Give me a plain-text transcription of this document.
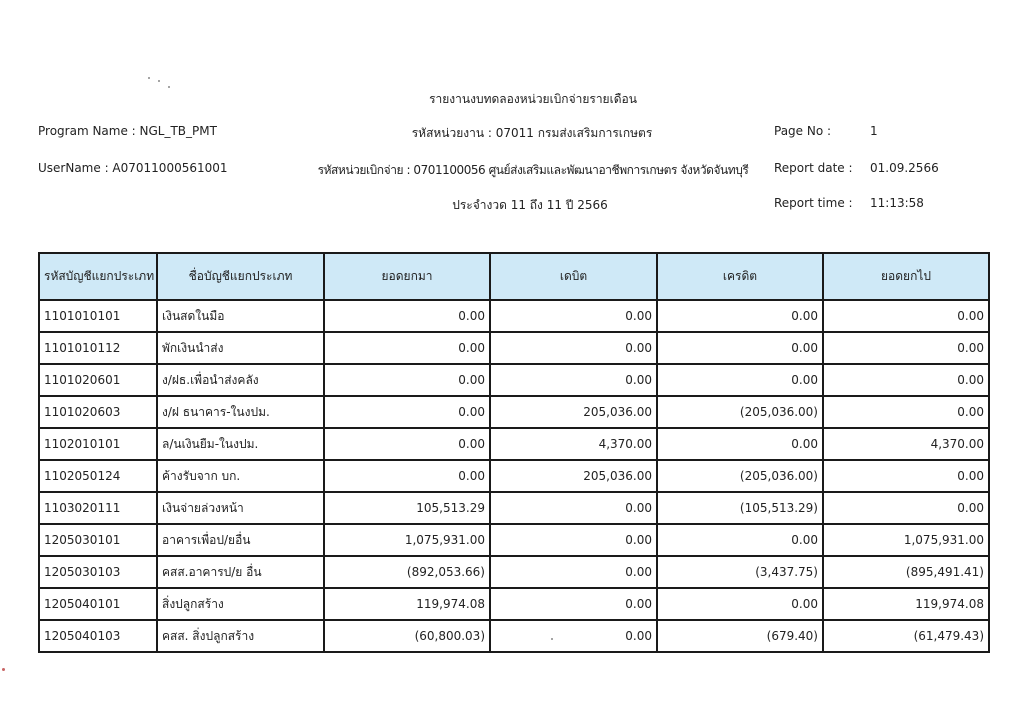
รายงานงบทดลองหน่วยเบิกจ่ายรายเดือน
Program Name : NGL_TB_PMT	รหัสหน่วยงาน : 07011 กรมส่งเสริมการเกษตร	Page No :	1
UserName : A07011000561001	รหัสหน่วยเบิกจ่าย : 0701100056 ศูนย์ส่งเสริมและพัฒนาอาชีพการเกษตร จังหวัดจันทบุรี Report date : 01.09.2566
ประจำงวด 11 ถึง 11 ปี 2566	Report time : 11:13:58
รหัสบัญชีแยกประเภท	ชื่อบัญชีแยกประเภท	ยอดยกมา	เดบิต	เครดิต	ยอดยกไป
1101010101	เงินสดในมือ	0.00	0.00	0.00	0.00
1101010112	พักเงินนำส่ง	0.00	0.00	0.00	0.00
1101020601	ง/ฝธ.เพื่อนำส่งคลัง	0.00	0.00	0.00	0.00
1101020603	ง/ฝ ธนาคาร-ในงปม.	0.00	205,036.00	(205,036.00)	0.00
1102010101	ล/นเงินยืม-ในงปม.	0.00	4,370.00	0.00	4,370.00
1102050124	ค้างรับจาก บก.	0.00	205,036.00	(205,036.00)	0.00
1103020111	เงินจ่ายล่วงหน้า	105,513.29	0.00	(105,513.29)	0.00
1205030101	อาคารเพื่อป/ยอื่น	1,075,931.00	0.00	0.00	1,075,931.00
1205030103	คสส.อาคารป/ย อื่น	(892,053.66)	0.00	(3,437.75)	(895,491.41)
1205040101	สิ่งปลูกสร้าง	119,974.08	0.00	0.00	119,974.08
1205040103	คสส. สิ่งปลูกสร้าง	(60,800.03)	0.00	(679.40)	(61,479.43)
